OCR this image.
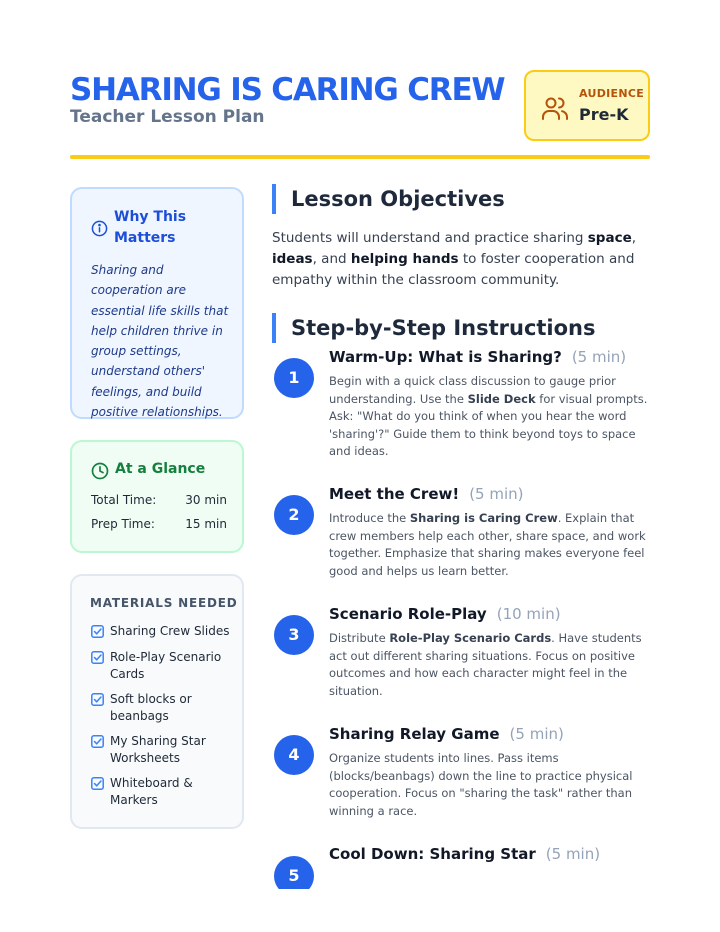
SHARING IS CARING CREW
Teacher Lesson Plan
AUDIENCE
Pre-K
Why This Matters
Sharing and cooperation are essential life skills that help children thrive in group settings, understand others' feelings, and build positive relationships.
At a Glance
Total Time: 30 min
Prep Time:	15 min
MATERIALS NEEDED
Sharing Crew Slides
Role-Play Scenario Cards
Soft blocks or beanbags
My Sharing Star Worksheets
Whiteboard & Markers
Lesson Objectives
Students will understand and practice sharing space, ideas, and helping hands to foster cooperation and empathy within the classroom community.
Step-by-Step Instructions
1
Warm-Up: What is Sharing? (5 min)
Begin with a quick class discussion to gauge prior understanding. Use the Slide Deck for visual prompts. Ask: "What do you think of when you hear the word 'sharing'?" Guide them to think beyond toys to space and ideas.
2
Meet the Crew! (5 min)
Introduce the Sharing is Caring Crew. Explain that crew members help each other, share space, and work together. Emphasize that sharing makes everyone feel good and helps us learn better.
3
Scenario Role-Play (10 min)
Distribute Role-Play Scenario Cards. Have students act out different sharing situations. Focus on positive outcomes and how each character might feel in the situation.
4
Sharing Relay Game (5 min)
Organize students into lines. Pass items (blocks/beanbags) down the line to practice physical cooperation. Focus on "sharing the task" rather than winning a race.
Cool Down: Sharing Star (5 min)
5
